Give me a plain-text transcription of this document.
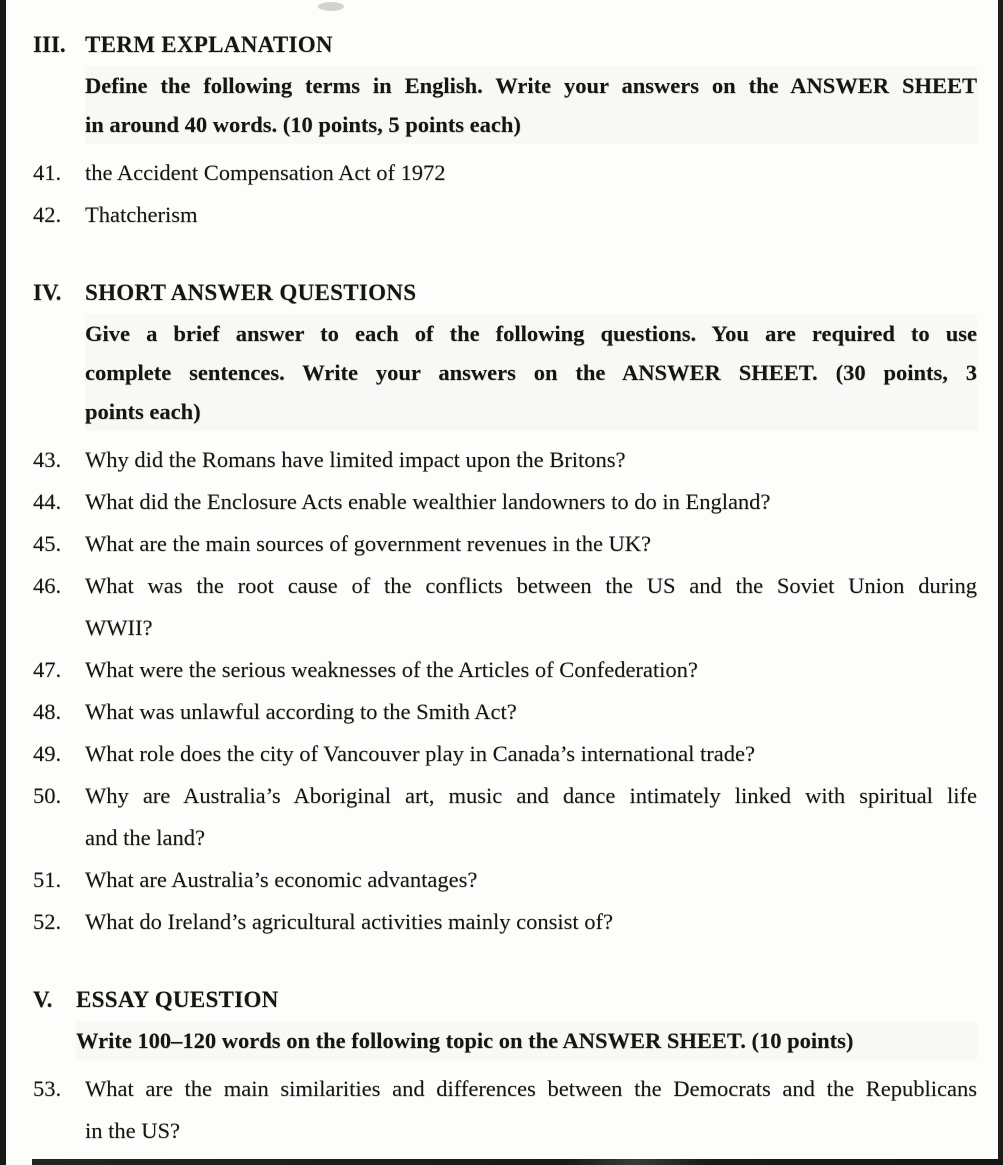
III. TERM EXPLANATION
Define the following terms in English. Write your answers on the ANSWER SHEET
in around 40 words. (10 points, 5 points each)
41.	the Accident Compensation Act of 1972
42.	Thatcherism
IV.	SHORT ANSWER QUESTIONS
Give a brief answer to each of the following questions. You are required to use
complete sentences. Write your answers on the ANSWER SHEET. (30 points, 3
points each)
43.	Why did the Romans have limited impact upon the Britons?
44.	What did the Enclosure Acts enable wealthier landowners to do in England?
45.	What are the main sources of government revenues in the UK?
46.	What was the root cause of the conflicts between the US and the Soviet Union during
WWII?
47.	What were the serious weaknesses of the Articles of Confederation?
48.	What was unlawful according to the Smith Act?
49.	What role does the city of Vancouver play in Canada’s international trade?
50.	Why are Australia’s Aboriginal art, music and dance intimately linked with spiritual life
and the land?
51.	What are Australia’s economic advantages?
52.	What do Ireland’s agricultural activities mainly consist of?
V.	ESSAY QUESTION
Write 100–120 words on the following topic on the ANSWER SHEET. (10 points)
53.	What are the main similarities and differences between the Democrats and the Republicans
in the US?
